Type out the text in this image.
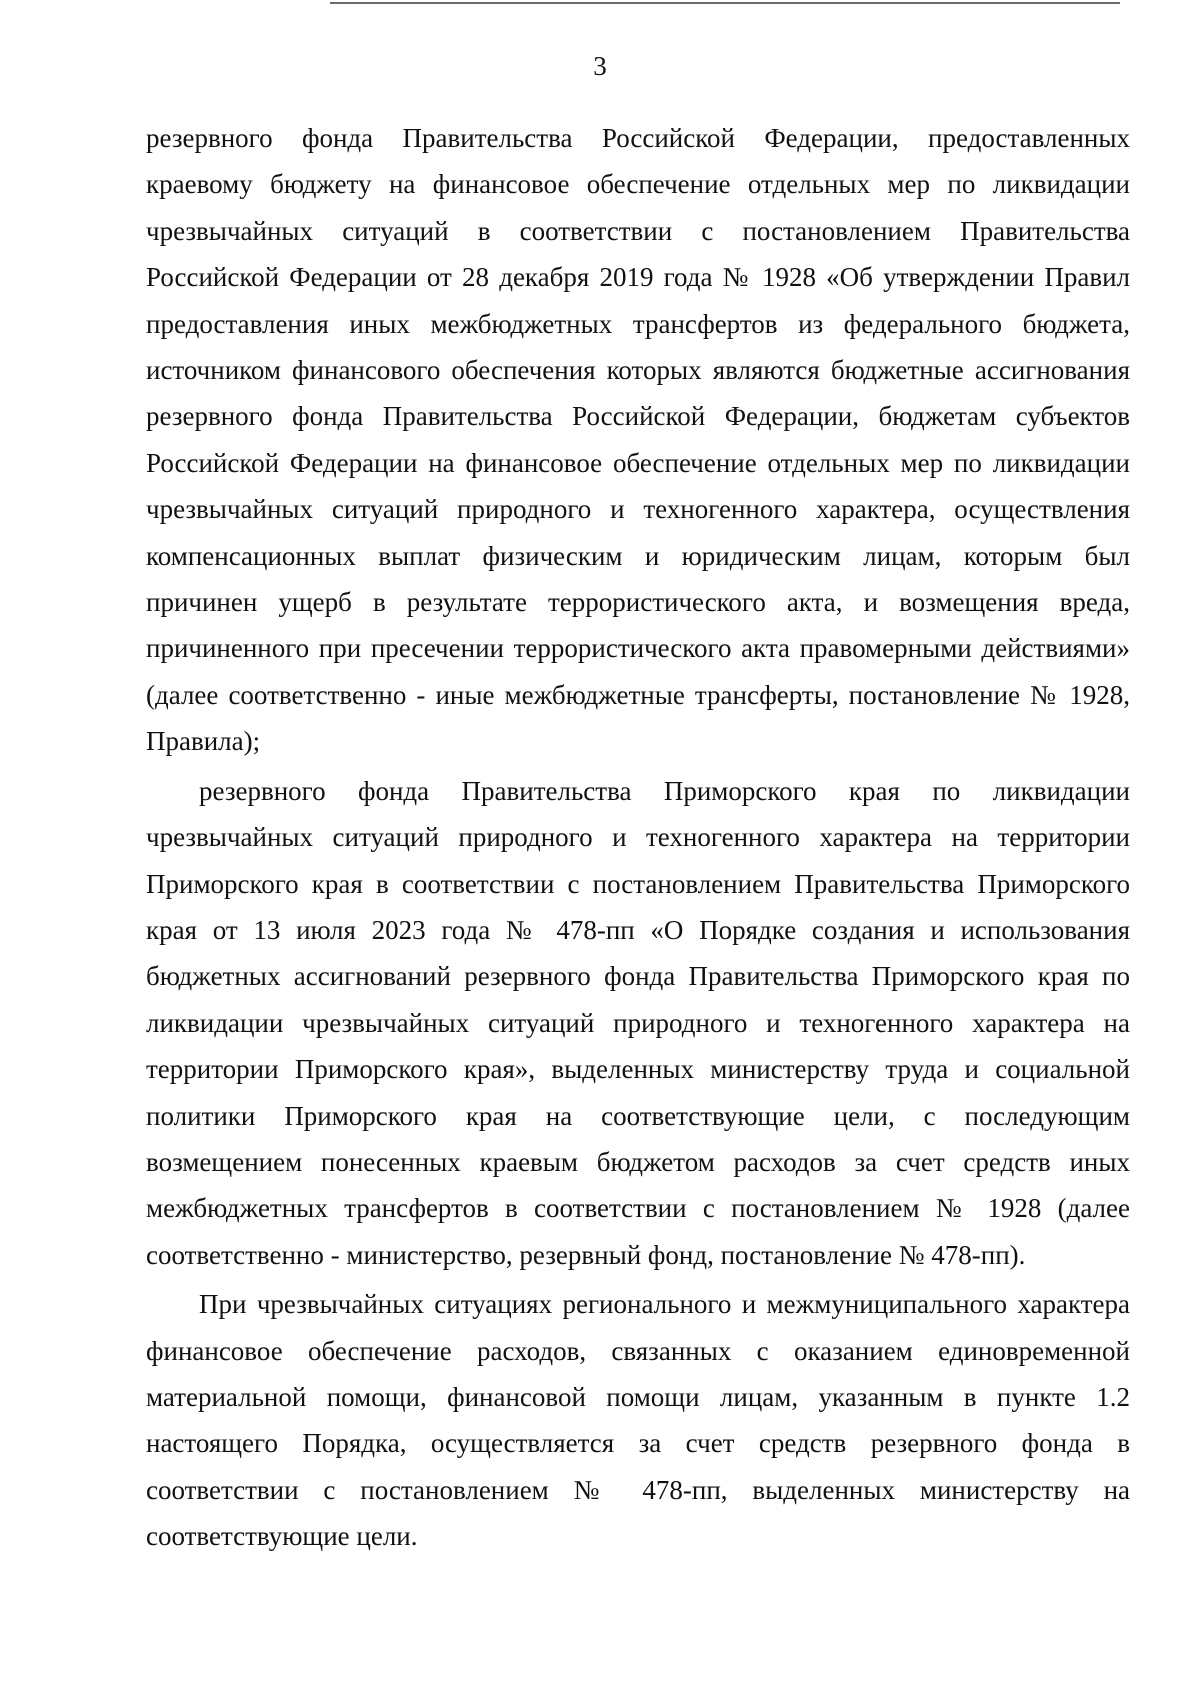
3

резервного фонда Правительства Российской Федерации, предоставленных краевому бюджету на финансовое обеспечение отдельных мер по ликвидации чрезвычайных ситуаций в соответствии с постановлением Правительства Российской Федерации от 28 декабря 2019 года № 1928 «Об утверждении Правил предоставления иных межбюджетных трансфертов из федерального бюджета, источником финансового обеспечения которых являются бюджетные ассигнования резервного фонда Правительства Российской Федерации, бюджетам субъектов Российской Федерации на финансовое обеспечение отдельных мер по ликвидации чрезвычайных ситуаций природного и техногенного характера, осуществления компенсационных выплат физическим и юридическим лицам, которым был причинен ущерб в результате террористического акта, и возмещения вреда, причиненного при пресечении террористического акта правомерными действиями» (далее соответственно - иные межбюджетные трансферты, постановление № 1928, Правила);

резервного фонда Правительства Приморского края по ликвидации чрезвычайных ситуаций природного и техногенного характера на территории Приморского края в соответствии с постановлением Правительства Приморского края от 13 июля 2023 года № 478-пп «О Порядке создания и использования бюджетных ассигнований резервного фонда Правительства Приморского края по ликвидации чрезвычайных ситуаций природного и техногенного характера на территории Приморского края», выделенных министерству труда и социальной политики Приморского края на соответствующие цели, с последующим возмещением понесенных краевым бюджетом расходов за счет средств иных межбюджетных трансфертов в соответствии с постановлением № 1928 (далее соответственно - министерство, резервный фонд, постановление № 478-пп).

При чрезвычайных ситуациях регионального и межмуниципального характера финансовое обеспечение расходов, связанных с оказанием единовременной материальной помощи, финансовой помощи лицам, указанным в пункте 1.2 настоящего Порядка, осуществляется за счет средств резервного фонда в соответствии с постановлением № 478-пп, выделенных министерству на соответствующие цели.
